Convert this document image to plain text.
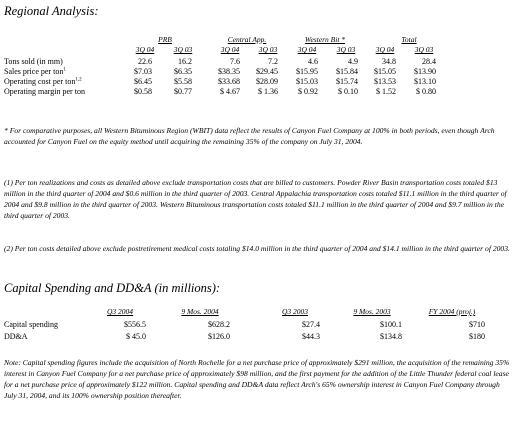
Regional Analysis:
PRB	Central App.	Western Bit *	Total
3Q 04	3Q 03	3Q 04	3Q 03	3Q 04	3Q 03	3Q 04	3Q 03
Tons sold (in mm)	22.6	16.2	7.6	7.2	4.6	4.9	34.8	28.4
Sales price per ton$^1$	$7.03	$6.35	$38.35	$29.45	$15.95	$15.84	$15.05	$13.90
Operating cost per ton$^{1,2}$	$6.45	$5.58	$33.68	$28.09	$15.03	$15.74	$13.53	$13.10
Operating margin per ton	$0.58	$0.77	$ 4.67	$ 1.36	$ 0.92	$ 0.10	$ 1.52	$ 0.80
* For comparative purposes, all Western Bituminous Region (WBIT) data reflect the results of Canyon Fuel Company at 100% in both periods, even though Arch accounted for Canyon Fuel on the equity method until acquiring the remaining 35% of the company on July 31, 2004.
(1) Per ton realizations and costs as detailed above exclude transportation costs that are billed to customers. Powder River Basin transportation costs totaled $13 million in the third quarter of 2004 and $0.6 million in the third quarter of 2003. Central Appalachia transportation costs totaled $11.1 million in the third quarter of 2004 and $9.8 million in the third quarter of 2003. Western Bituminous transportation costs totaled $11.1 million in the third quarter of 2004 and $9.7 million in the third quarter of 2003.
(2) Per ton costs detailed above exclude postretirement medical costs totaling $14.0 million in the third quarter of 2004 and $14.1 million in the third quarter of 2003.
Capital Spending and DD&A (in millions):
Q3 2004	9 Mos. 2004	Q3 2003	9 Mos. 2003	FY 2004 (proj.)
Capital spending	$556.5	$628.2	$27.4	$100.1	$710
DD&A	$ 45.0	$126.0	$44.3	$134.8	$180
Note: Capital spending figures include the acquisition of North Rochelle for a net purchase price of approximately $291 million, the acquisition of the remaining 35% interest in Canyon Fuel Company for a net purchase price of approximately $98 million, and the first payment for the addition of the Little Thunder federal coal lease for a net purchase price of approximately $122 million. Capital spending and DD&A data reflect Arch's 65% ownership interest in Canyon Fuel Company through July 31, 2004, and its 100% ownership position thereafter.
